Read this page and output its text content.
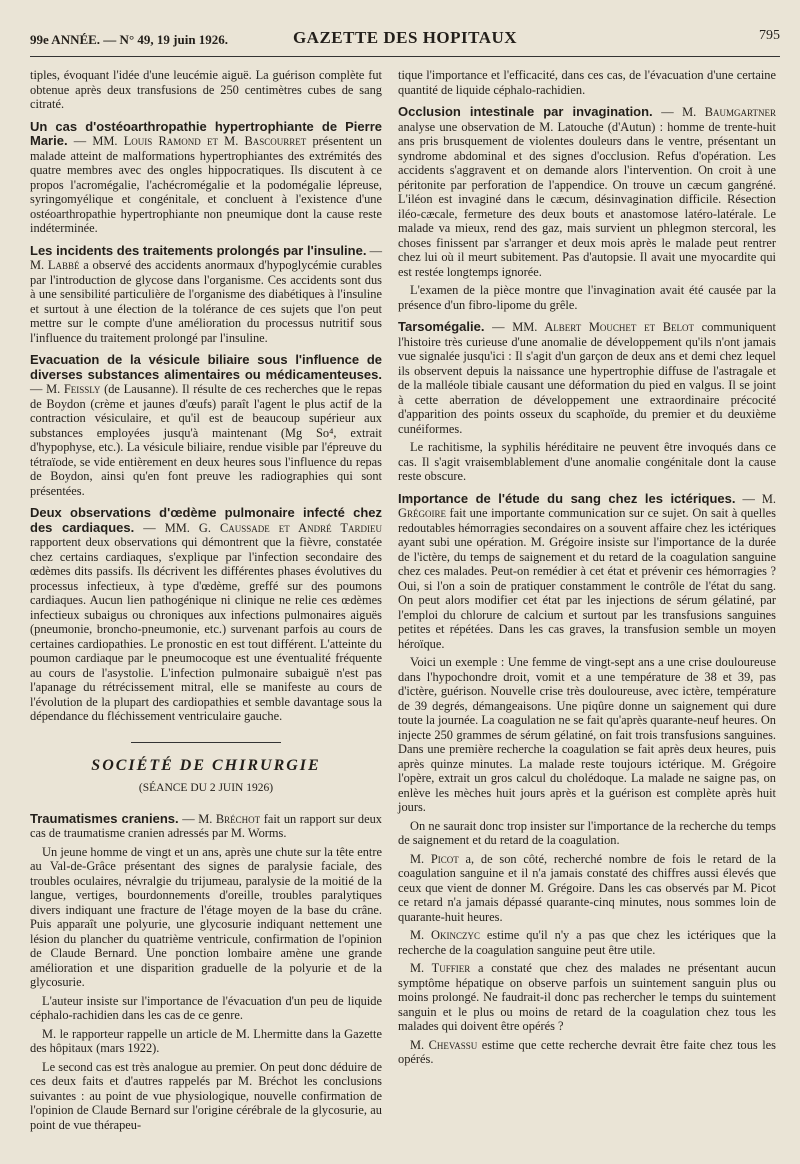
99e ANNÉE. — N° 49, 19 juin 1926.	GAZETTE DES HOPITAUX	795

tiples, évoquant l'idée d'une leucémie aiguë. La guérison complète fut obtenue après deux transfusions de 250 centimètres cubes de sang citraté.

Un cas d'ostéoarthropathie hypertrophiante de Pierre Marie. — MM. Louis Ramond et M. Bascourret présentent un malade atteint de malformations hypertrophiantes des extrémités des quatre membres avec des ongles hippocratiques. Ils discutent à ce propos l'acromégalie, l'achécromégalie et la podomégalie lépreuse, syringomyélique et congénitale, et concluent à l'existence d'une ostéoarthropathie hypertrophiante non pneumique dont la cause reste indéterminée.

Les incidents des traitements prolongés par l'insuline. — M. Labbé a observé des accidents anormaux d'hypoglycémie curables par l'introduction de glycose dans l'organisme. Ces accidents sont dus à une sensibilité particulière de l'organisme des diabétiques à l'insuline et surtout à une élection de la tolérance de ces sujets que l'on peut mettre sur le compte d'une amélioration du processus nutritif sous l'influence du traitement prolongé par l'insuline.

Evacuation de la vésicule biliaire sous l'influence de diverses substances alimentaires ou médicamenteuses. — M. Feissly (de Lausanne). Il résulte de ces recherches que le repas de Boydon (crème et jaunes d'œufs) paraît l'agent le plus actif de la contraction vésiculaire, et qu'il est de beaucoup supérieur aux substances employées jusqu'à maintenant (Mg So⁴, extrait d'hypophyse, etc.). La vésicule biliaire, rendue visible par l'épreuve du tétraïode, se vide entièrement en deux heures sous l'influence du repas de Boydon, ainsi qu'en font preuve les radiographies qui sont présentées.

Deux observations d'œdème pulmonaire infecté chez des cardiaques. — MM. G. Caussade et André Tardieu rapportent deux observations qui démontrent que la fièvre, constatée chez certains cardiaques, s'explique par l'infection secondaire des œdèmes dits passifs. Ils décrivent les différentes phases évolutives du processus infectieux, à type d'œdème, greffé sur des poumons cardiaques. Aucun lien pathogénique ni clinique ne relie ces œdèmes infectieux subaigus ou chroniques aux infections pulmonaires aiguës (pneumonie, broncho-pneumonie, etc.) survenant parfois au cours de certaines cardiopathies. Le pronostic en est tout différent. L'atteinte du poumon cardiaque par le pneumocoque est une éventualité fréquente au cours de l'asystolie. L'infection pulmonaire subaiguë n'est pas l'apanage du rétrécissement mitral, elle se manifeste au cours de l'évolution de la plupart des cardiopathies et semble davantage sous la dépendance du fléchissement ventriculaire gauche.

SOCIÉTÉ DE CHIRURGIE
(SÉANCE DU 2 JUIN 1926)

Traumatismes craniens. — M. Bréchot fait un rapport sur deux cas de traumatisme cranien adressés par M. Worms.

Un jeune homme de vingt et un ans, après une chute sur la tête entre au Val-de-Grâce présentant des signes de paralysie faciale, des troubles oculaires, névralgie du trijumeau, paralysie de la moitié de la langue, vertiges, bourdonnements d'oreille, troubles paralytiques divers indiquant une fracture de l'étage moyen de la base du crâne. Puis apparaît une polyurie, une glycosurie indiquant nettement une lésion du plancher du quatrième ventricule, confirmation de l'opinion de Claude Bernard. Une ponction lombaire amène une grande amélioration et une disparition graduelle de la polyurie et de la glycosurie.

L'auteur insiste sur l'importance de l'évacuation d'un peu de liquide céphalo-rachidien dans les cas de ce genre.

M. le rapporteur rappelle un article de M. Lhermitte dans la Gazette des hôpitaux (mars 1922).

Le second cas est très analogue au premier. On peut donc déduire de ces deux faits et d'autres rappelés par M. Bréchot les conclusions suivantes : au point de vue physiologique, nouvelle confirmation de l'opinion de Claude Bernard sur l'origine cérébrale de la glycosurie, au point de vue thérapeu-

tique l'importance et l'efficacité, dans ces cas, de l'évacuation d'une certaine quantité de liquide céphalo-rachidien.

Occlusion intestinale par invagination. — M. Baumgartner analyse une observation de M. Latouche (d'Autun) : homme de trente-huit ans pris brusquement de violentes douleurs dans le ventre, présentant un syndrome abdominal et des signes d'occlusion. Refus d'opération. Les accidents s'aggravent et on demande alors l'intervention. On croit à une péritonite par perforation de l'appendice. On trouve un cæcum gangréné. L'iléon est invaginé dans le cæcum, désinvagination difficile. Résection iléo-cæcale, fermeture des deux bouts et anastomose latéro-latérale. Le malade va mieux, rend des gaz, mais survient un phlegmon stercoral, les choses finissent par s'arranger et deux mois après le malade peut rentrer chez lui où il meurt subitement. Pas d'autopsie. Il avait une myocardite qui est restée longtemps ignorée.

L'examen de la pièce montre que l'invagination avait été causée par la présence d'un fibro-lipome du grêle.

Tarsomégalie. — MM. Albert Mouchet et Belot communiquent l'histoire très curieuse d'une anomalie de développement qu'ils n'ont jamais vue signalée jusqu'ici : Il s'agit d'un garçon de deux ans et demi chez lequel ils observent depuis la naissance une hypertrophie diffuse de l'astragale et de la malléole tibiale causant une déformation du pied en valgus. Il se joint à cette aberration de développement une extraordinaire précocité d'apparition des points osseux du scaphoïde, du premier et du deuxième cunéiformes.

Le rachitisme, la syphilis héréditaire ne peuvent être invoqués dans ce cas. Il s'agit vraisemblablement d'une anomalie congénitale dont la cause reste obscure.

Importance de l'étude du sang chez les ictériques. — M. Grégoire fait une importante communication sur ce sujet. On sait à quelles redoutables hémorragies secondaires on a souvent affaire chez les ictériques ayant subi une opération. M. Grégoire insiste sur l'importance de la durée de l'ictère, du temps de saignement et du retard de la coagulation sanguine chez ces malades. Peut-on remédier à cet état et prévenir ces hémorragies ? Oui, si l'on a soin de pratiquer constamment le contrôle de l'état du sang. On peut alors modifier cet état par les injections de sérum gélatiné, par l'emploi du chlorure de calcium et surtout par les transfusions sanguines petites et répétées. Dans les cas graves, la transfusion semble un moyen héroïque.

Voici un exemple : Une femme de vingt-sept ans a une crise douloureuse dans l'hypochondre droit, vomit et a une température de 38 et 39, pas d'ictère, guérison. Nouvelle crise très douloureuse, avec ictère, température de 39 degrés, démangeaisons. Une piqûre donne un saignement qui dure toute la journée. La coagulation ne se fait qu'après quarante-neuf heures. On injecte 250 grammes de sérum gélatiné, on fait trois transfusions sanguines. Dans une première recherche la coagulation se fait après deux heures, puis après quinze minutes. La malade reste toujours ictérique. M. Grégoire l'opère, extrait un gros calcul du cholédoque. La malade ne saigne pas, on enlève les mèches huit jours après et la guérison est complète après huit jours.

On ne saurait donc trop insister sur l'importance de la recherche du temps de saignement et du retard de la coagulation.

M. Picot a, de son côté, recherché nombre de fois le retard de la coagulation sanguine et il n'a jamais constaté des chiffres aussi élevés que ceux que vient de donner M. Grégoire. Dans les cas observés par M. Picot ce retard n'a jamais dépassé quarante-cinq minutes, nous sommes loin de quarante-huit heures.

M. Okinczyc estime qu'il n'y a pas que chez les ictériques que la recherche de la coagulation sanguine peut être utile.

M. Tuffier a constaté que chez des malades ne présentant aucun symptôme hépatique on observe parfois un suintement sanguin plus ou moins prolongé. Ne faudrait-il donc pas rechercher le temps du suintement sanguin et le plus ou moins de retard de la coagulation chez tous les malades qui doivent être opérés ?

M. Chevassu estime que cette recherche devrait être faite chez tous les opérés.
